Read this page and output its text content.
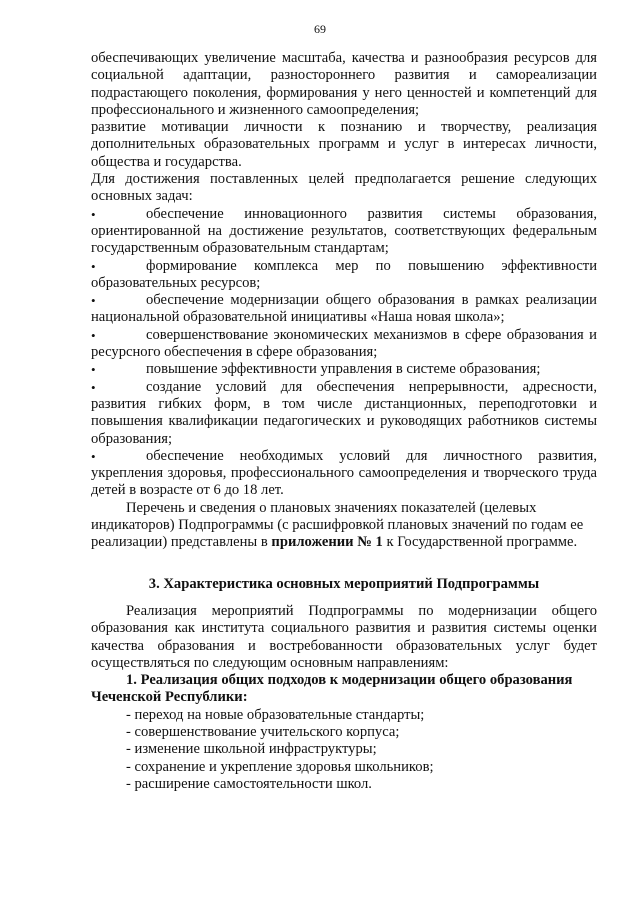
69

обеспечивающих увеличение масштаба, качества и разнообразия ресурсов для социальной адаптации, разностороннего развития и самореализации подрастающего поколения, формирования у него ценностей и компетенций для профессионального и жизненного самоопределения;

развитие мотивации личности к познанию и творчеству, реализация дополнительных образовательных программ и услуг в интересах личности, общества и государства.

Для достижения поставленных целей предполагается решение следующих основных задач:

•	обеспечение инновационного развития системы образования, ориентированной на достижение результатов, соответствующих федеральным государственным образовательным стандартам;

•	формирование комплекса мер по повышению эффективности образовательных ресурсов;

•	обеспечение модернизации общего образования в рамках реализации национальной образовательной инициативы «Наша новая школа»;

•	совершенствование экономических механизмов в сфере образования и ресурсного обеспечения в сфере образования;

•	повышение эффективности управления в системе образования;

•	создание условий для обеспечения непрерывности, адресности, развития гибких форм, в том числе дистанционных, переподготовки и повышения квалификации педагогических и руководящих работников системы образования;

•	обеспечение необходимых условий для личностного развития, укрепления здоровья, профессионального самоопределения и творческого труда детей в возрасте от 6 до 18 лет.

Перечень и сведения о плановых значениях показателей (целевых индикаторов) Подпрограммы (с расшифровкой плановых значений по годам ее реализации) представлены в приложении № 1 к Государственной программе.

3. Характеристика основных мероприятий Подпрограммы

Реализация мероприятий Подпрограммы по модернизации общего образования как института социального развития и развития системы оценки качества образования и востребованности образовательных услуг будет осуществляться по следующим основным направлениям:

1. Реализация общих подходов к модернизации общего образования Чеченской Республики:

- переход на новые образовательные стандарты;

- совершенствование учительского корпуса;

- изменение школьной инфраструктуры;

- сохранение и укрепление здоровья школьников;

- расширение самостоятельности школ.
